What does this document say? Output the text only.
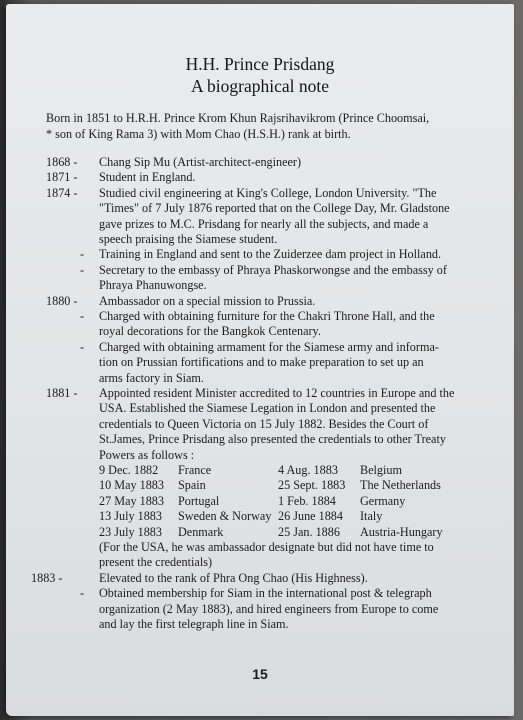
H.H. Prince Prisdang
A biographical note
Born in 1851 to H.R.H. Prince Krom Khun Rajsrihavikrom (Prince Choomsai,
* son of King Rama 3) with Mom Chao (H.S.H.) rank at birth.
1868 - Chang Sip Mu (Artist-architect-engineer)
1871 - Student in England.
1874 - Studied civil engineering at King's College, London University. "The
"Times" of 7 July 1876 reported that on the College Day, Mr. Gladstone
gave prizes to M.C. Prisdang for nearly all the subjects, and made a
speech praising the Siamese student.
- Training in England and sent to the Zuiderzee dam project in Holland.
- Secretary to the embassy of Phraya Phaskorwongse and the embassy of
Phraya Phanuwongse.
1880 - Ambassador on a special mission to Prussia.
- Charged with obtaining furniture for the Chakri Throne Hall, and the
royal decorations for the Bangkok Centenary.
- Charged with obtaining armament for the Siamese army and informa-
tion on Prussian fortifications and to make preparation to set up an
arms factory in Siam.
1881 - Appointed resident Minister accredited to 12 countries in Europe and the
USA. Established the Siamese Legation in London and presented the
credentials to Queen Victoria on 15 July 1882. Besides the Court of
St.James, Prince Prisdang also presented the credentials to other Treaty
Powers as follows :
9 Dec. 1882 France	4 Aug. 1883 Belgium
10 May 1883 Spain	25 Sept. 1883 The Netherlands
27 May 1883 Portugal	1 Feb. 1884 Germany
13 July 1883 Sweden & Norway 26 June 1884 Italy
23 July 1883 Denmark	25 Jan. 1886 Austria-Hungary
(For the USA, he was ambassador designate but did not have time to
present the credentials)
1883 -	Elevated to the rank of Phra Ong Chao (His Highness).
- Obtained membership for Siam in the international post & telegraph
organization (2 May 1883), and hired engineers from Europe to come
and lay the first telegraph line in Siam.
15
